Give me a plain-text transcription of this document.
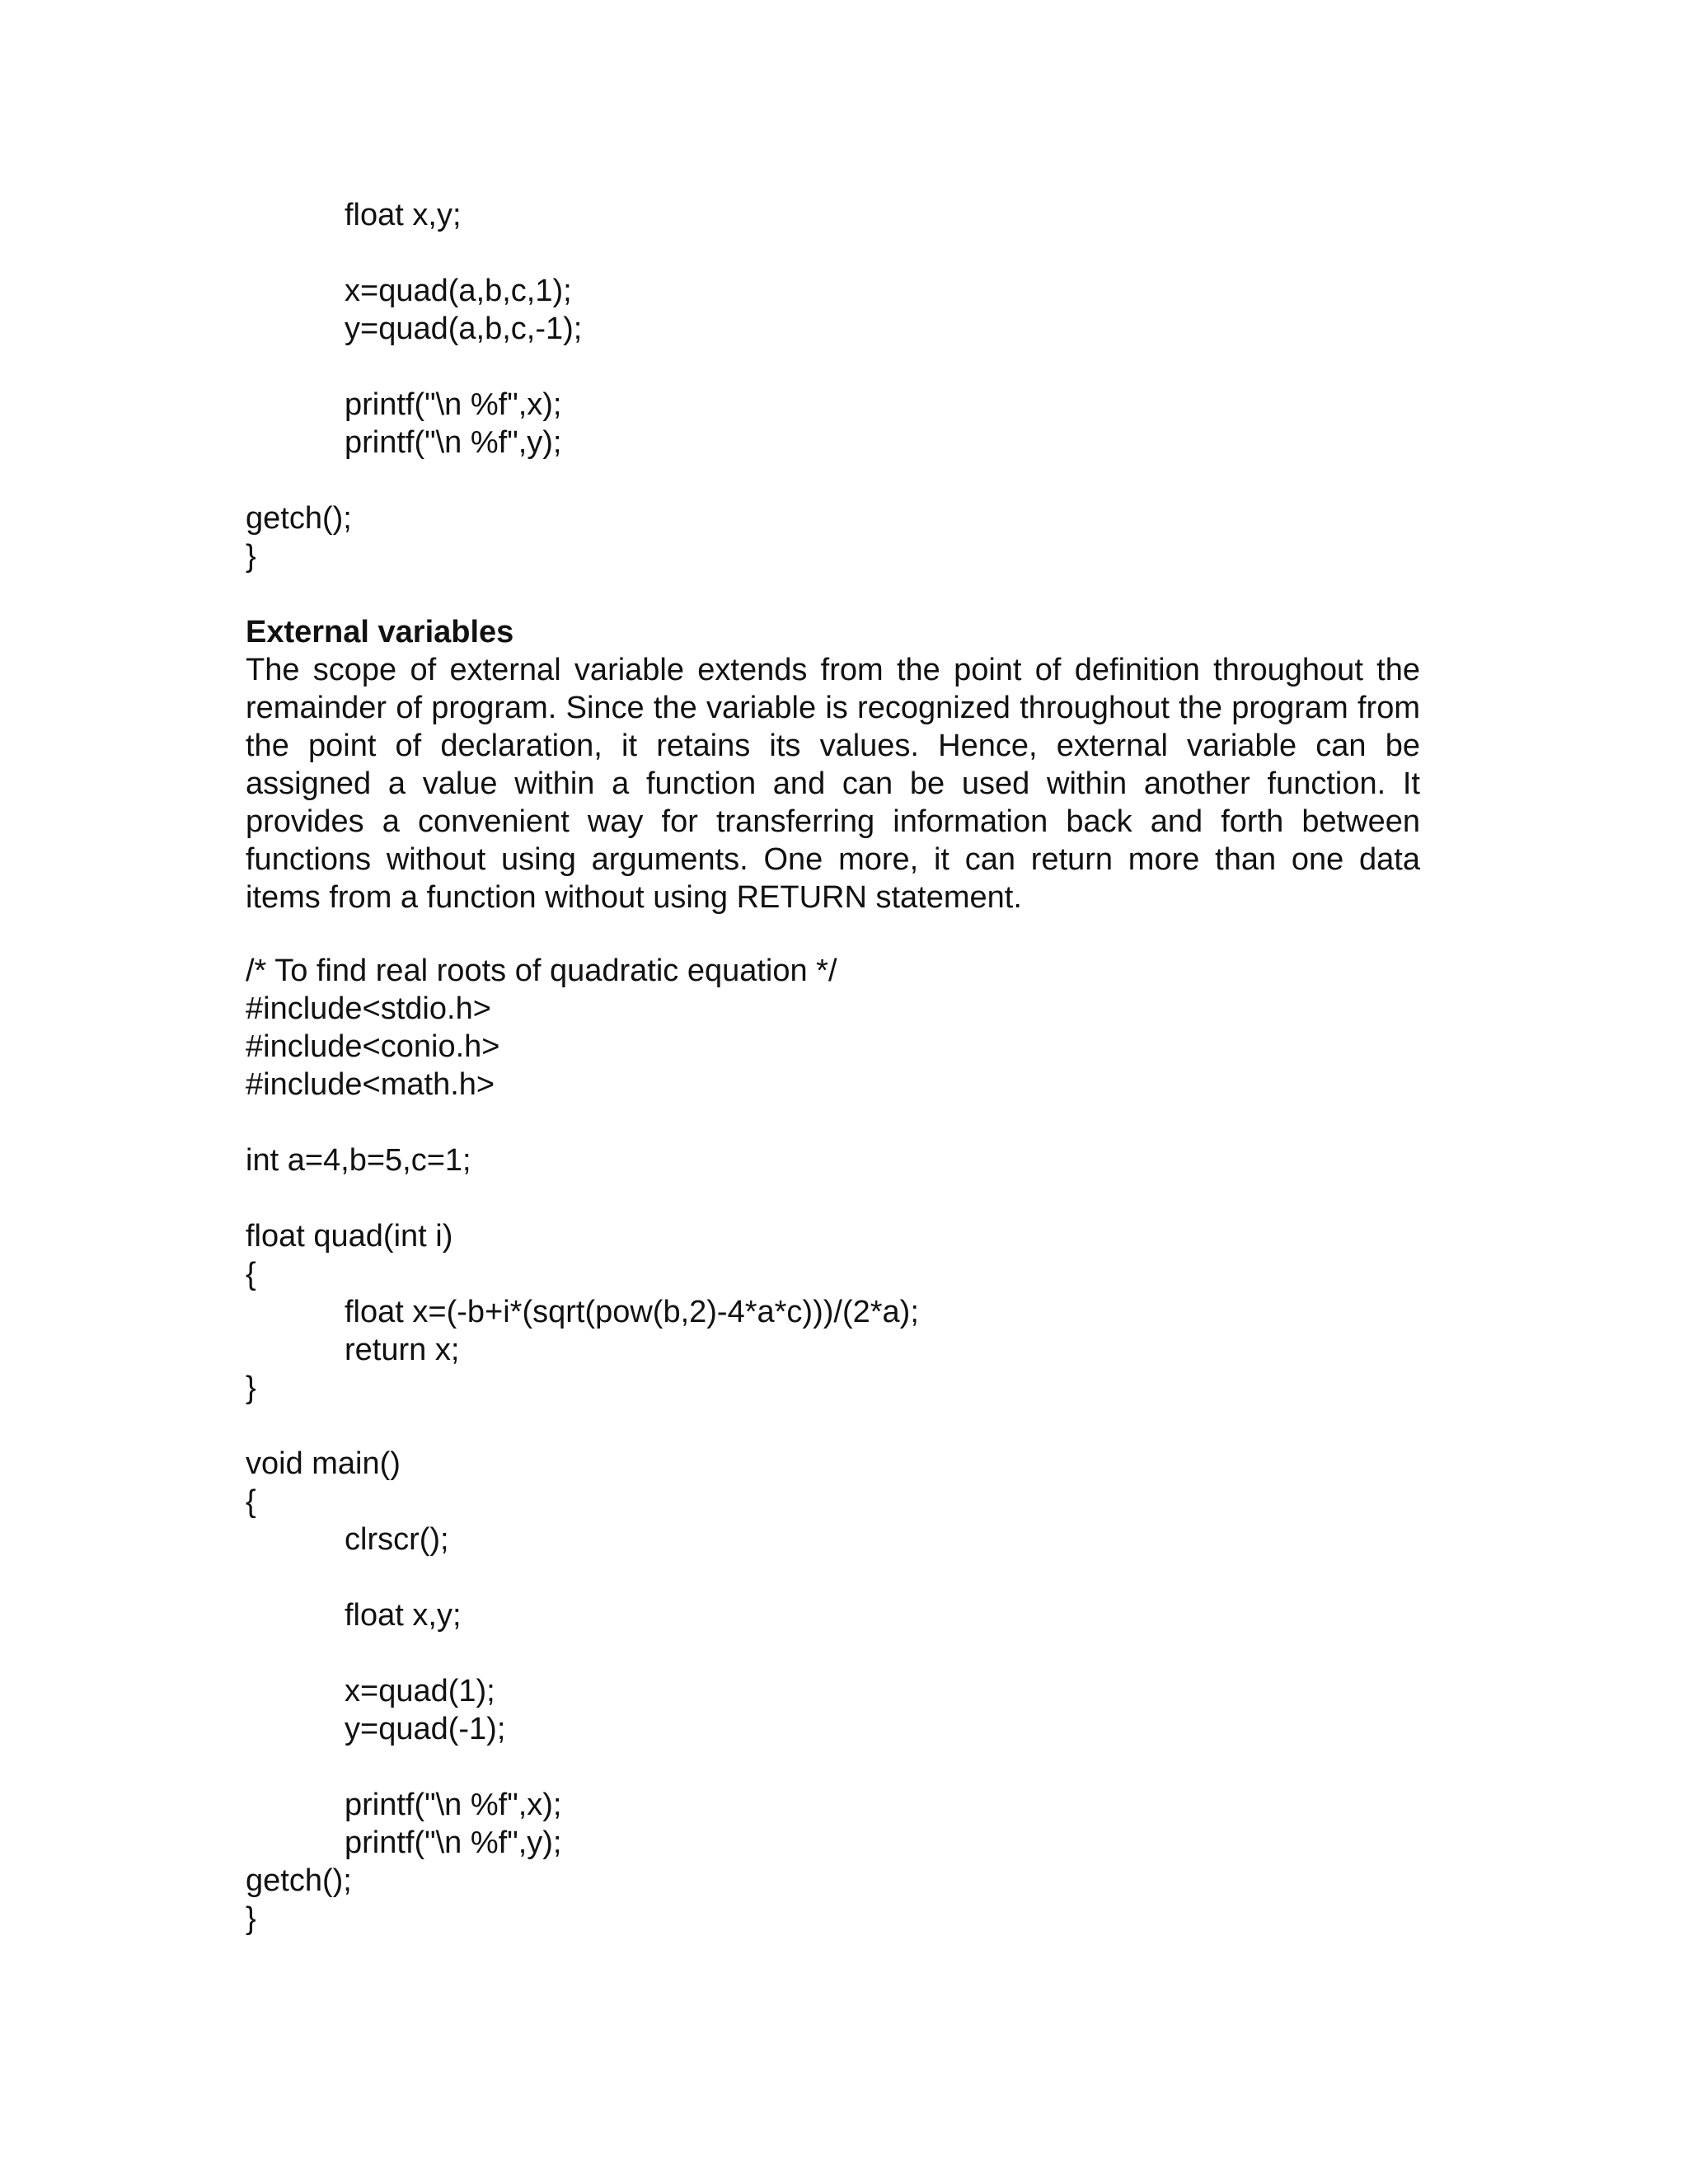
float x,y;
x=quad(a,b,c,1);
y=quad(a,b,c,-1);
printf("\n %f",x);
printf("\n %f",y);
getch();
}
External variables
The scope of external variable extends from the point of definition throughout the remainder of program. Since the variable is recognized throughout the program from the point of declaration, it retains its values. Hence, external variable can be assigned a value within a function and can be used within another function. It provides a convenient way for transferring information back and forth between functions without using arguments. One more, it can return more than one data items from a function without using RETURN statement.
/* To find real roots of quadratic equation */
#include<stdio.h>
#include<conio.h>
#include<math.h>
int a=4,b=5,c=1;
float quad(int i)
{
float x=(-b+i*(sqrt(pow(b,2)-4*a*c)))/(2*a);
return x;
}
void main()
{
clrscr();
float x,y;
x=quad(1);
y=quad(-1);
printf("\n %f",x);
printf("\n %f",y);
getch();
}
